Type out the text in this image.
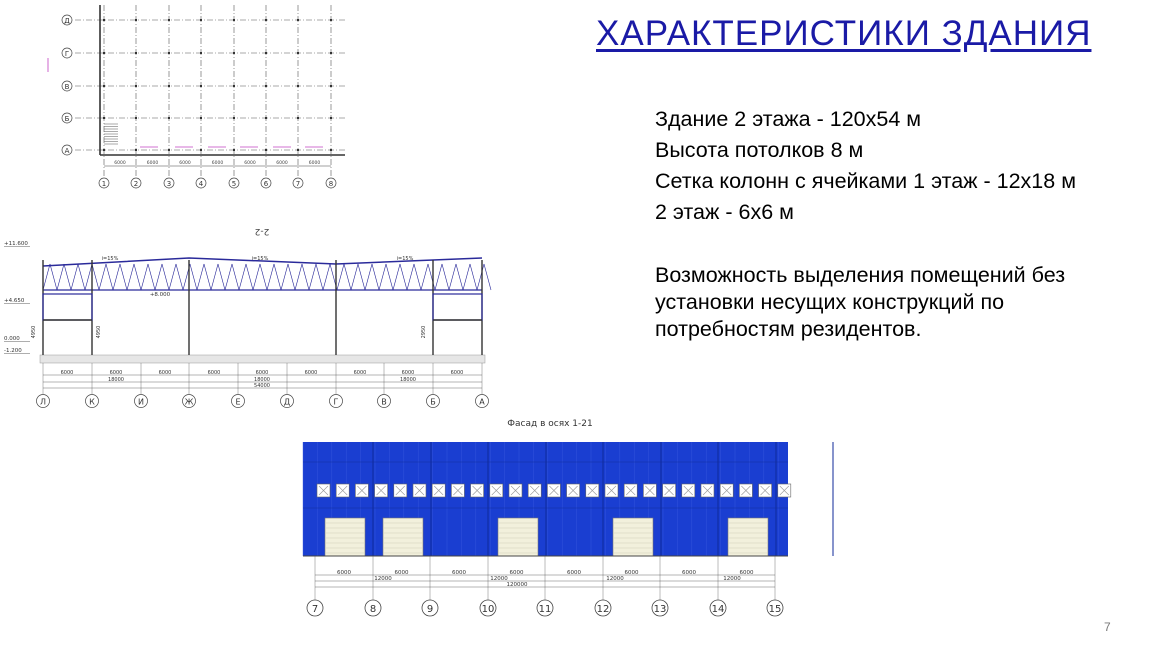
ХАРАКТЕРИСТИКИ ЗДАНИЯ
Здание 2 этажа - 120х54 м
Высота потолков 8 м
Сетка колонн с ячейками 1 этаж - 12х18 м
2 этаж - 6х6 м
Возможность выделения помещений без
установки несущих конструкций по
потребностям резидентов.
7
Д
Г
В
Б
А
1	2	3	4	5	6	7	8
6000	6000	6000	6000	6000	6000	6000
2-2
+11.600
+4.650
0.000
-1.200
i=15%	i=15%	i=15%
+8.000
4950	4950	2950
6000	6000	6000	6000	6000	6000	6000	6000	6000
18000	18000	18000
54000
Л	К	И	Ж	Е	Д	Г	В	Б	А
Фасад в осях 1-21
6000	6000	6000	6000	6000	6000	6000	6000
12000	12000	12000	12000
120000
7	8	9	10	11	12	13	14	15
